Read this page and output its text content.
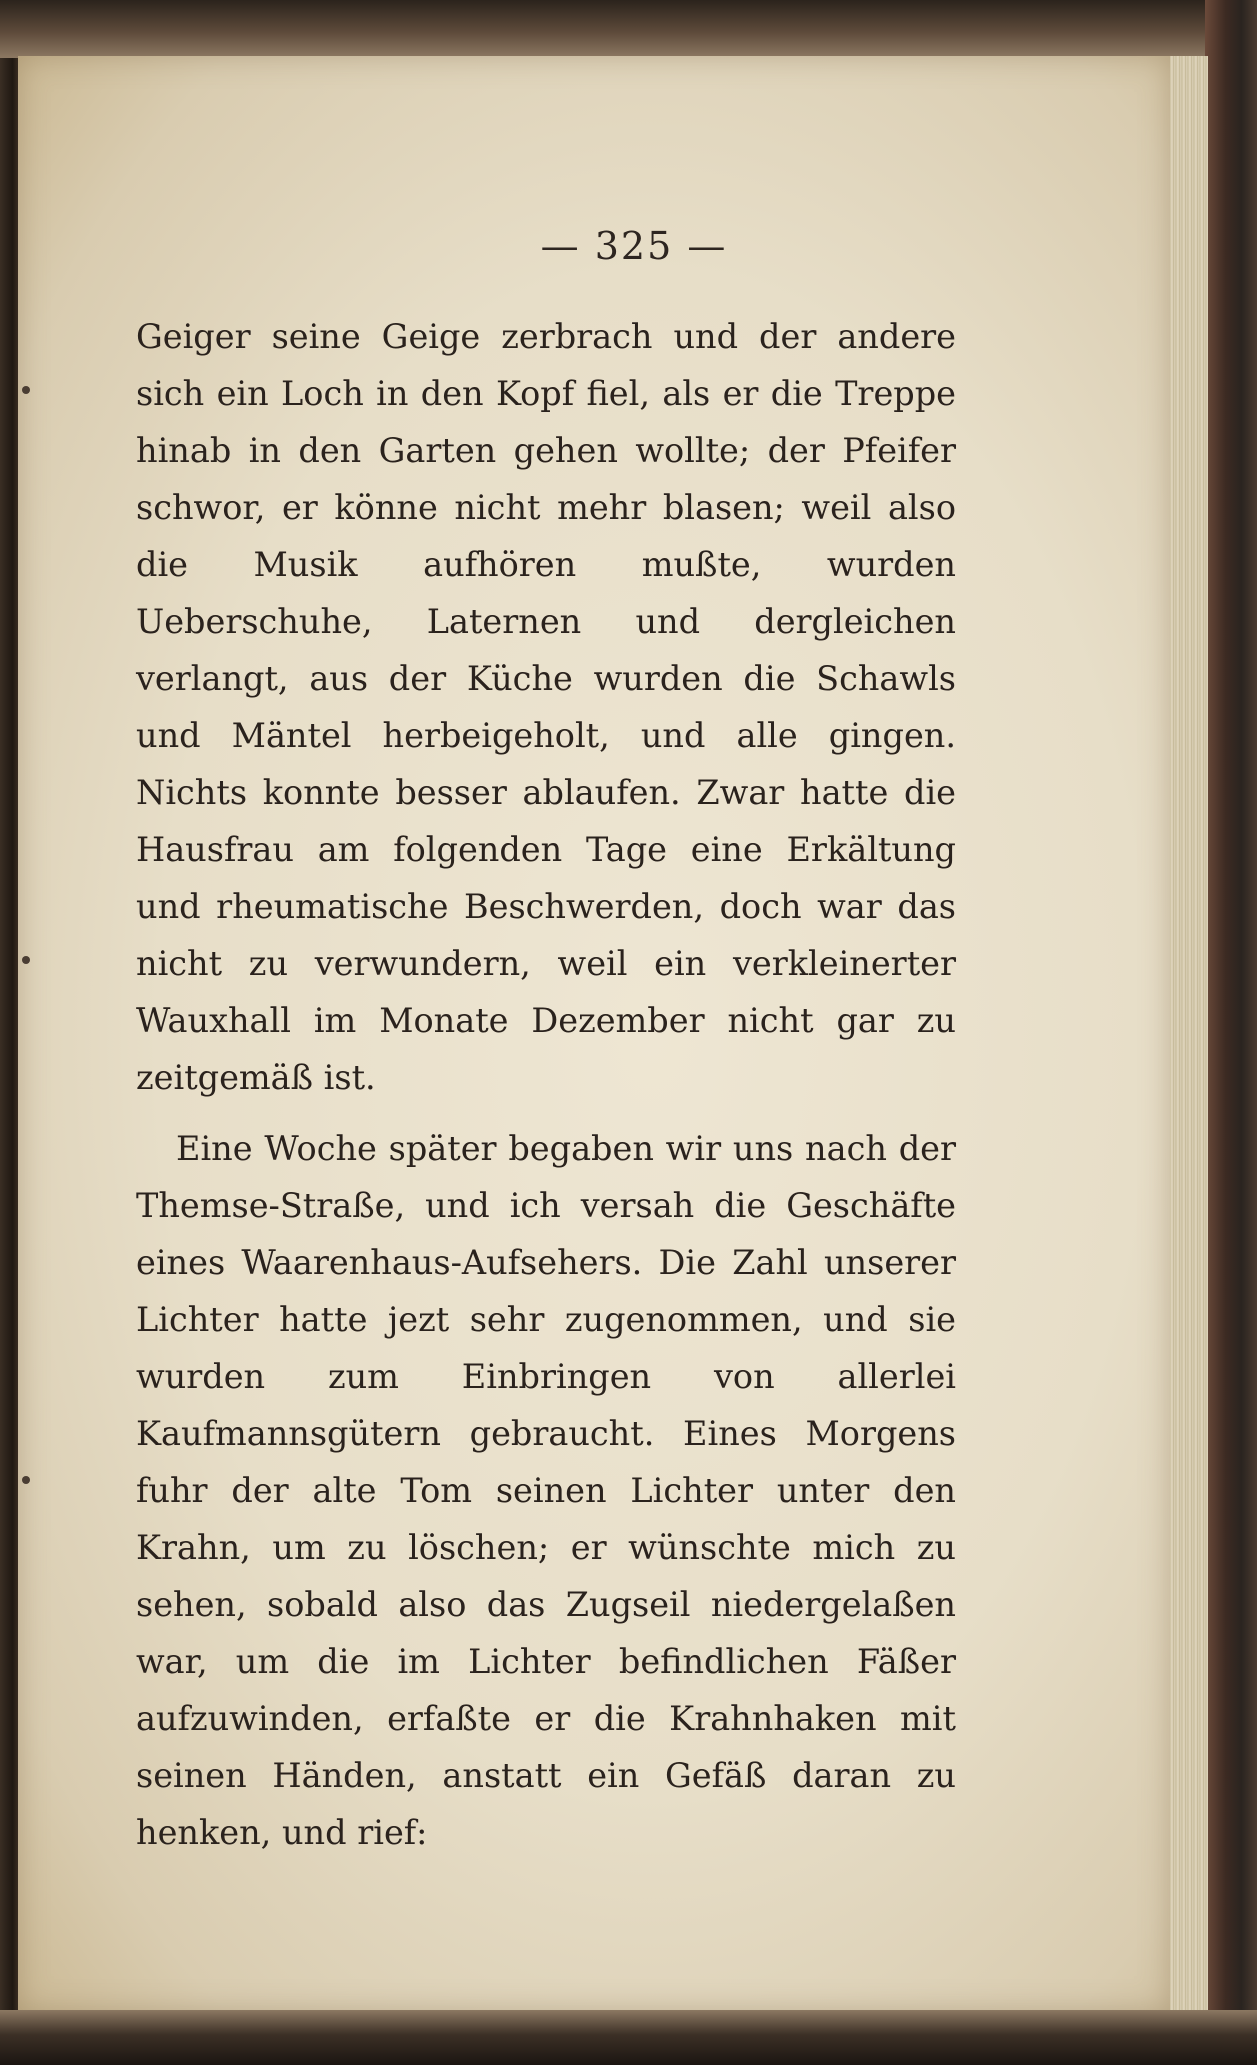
— 325 —

Geiger seine Geige zerbrach und der andere sich ein Loch in den Kopf fiel, als er die Treppe hinab in den Garten gehen wollte; der Pfeifer schwor, er könne nicht mehr blasen; weil also die Musik aufhören mußte, wurden Ueberschuhe, Laternen und dergleichen verlangt, aus der Küche wurden die Schawls und Mäntel herbeigeholt, und alle gingen. Nichts konnte besser ablaufen. Zwar hatte die Hausfrau am folgenden Tage eine Erkältung und rheumatische Beschwerden, doch war das nicht zu verwundern, weil ein verkleinerter Wauxhall im Monate Dezember nicht gar zu zeitgemäß ist.

Eine Woche später begaben wir uns nach der Themse-Straße, und ich versah die Geschäfte eines Waarenhaus-Aufsehers. Die Zahl unserer Lichter hatte jezt sehr zugenommen, und sie wurden zum Einbringen von allerlei Kaufmannsgütern gebraucht. Eines Morgens fuhr der alte Tom seinen Lichter unter den Krahn, um zu löschen; er wünschte mich zu sehen, sobald also das Zugseil niedergelaßen war, um die im Lichter befindlichen Fäßer aufzuwinden, erfaßte er die Krahnhaken mit seinen Händen, anstatt ein Gefäß daran zu henken, und rief:
